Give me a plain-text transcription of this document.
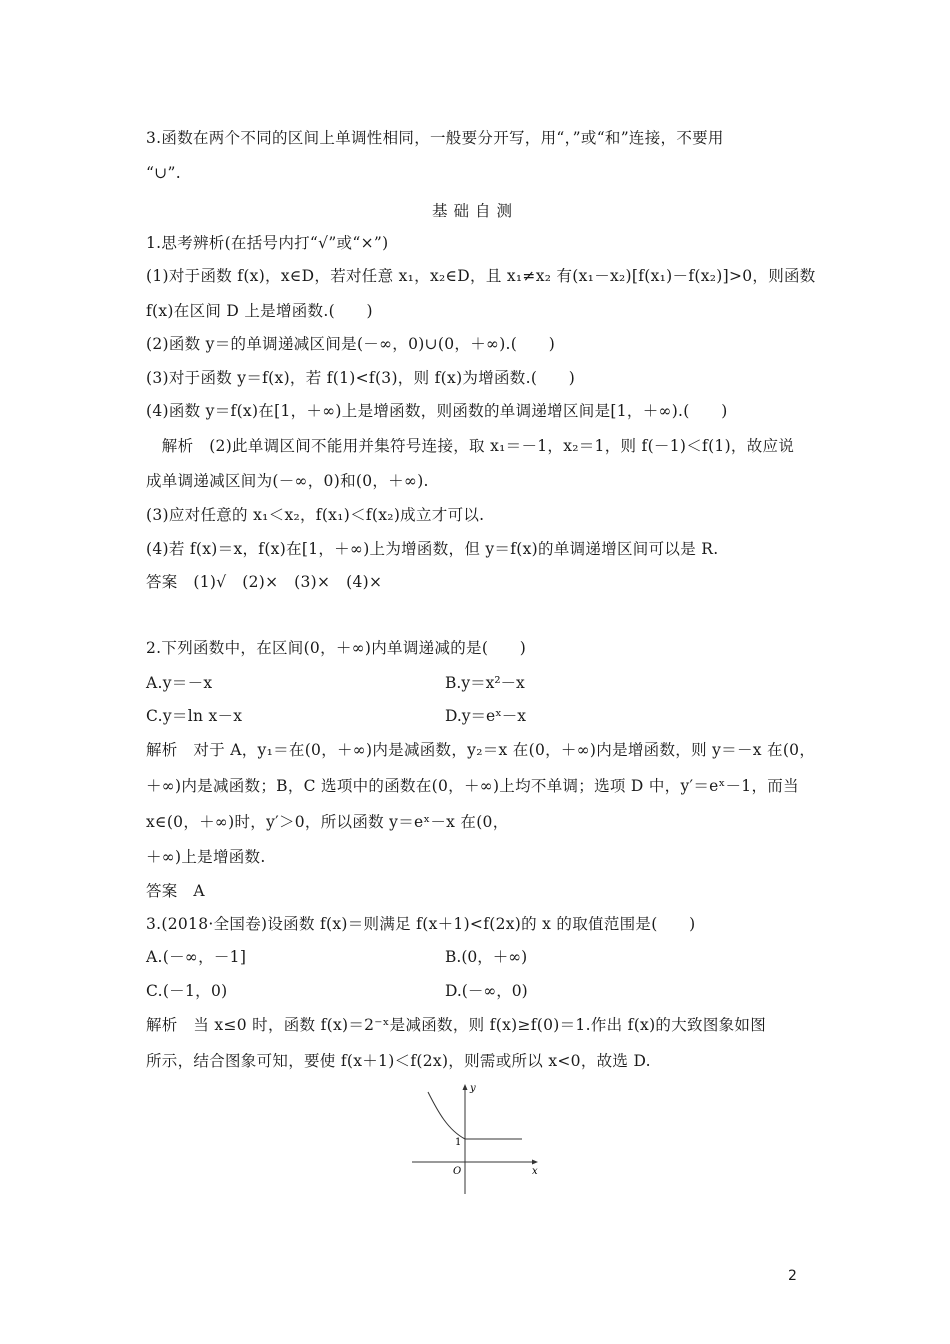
3.函数在两个不同的区间上单调性相同，一般要分开写，用“，”或“和”连接，不要用
“∪”.
基础自测
1.思考辨析(在括号内打“√”或“×”)
(1)对于函数 f(x)，x∈D，若对任意 x₁，x₂∈D，且 x₁≠x₂ 有(x₁－x₂)[f(x₁)－f(x₂)]>0，则函数
f(x)在区间 D 上是增函数.(　　)
(2)函数 y＝的单调递减区间是(－∞，0)∪(0，＋∞).(　　)
(3)对于函数 y＝f(x)，若 f(1)<f(3)，则 f(x)为增函数.(　　)
(4)函数 y＝f(x)在[1，＋∞)上是增函数，则函数的单调递增区间是[1，＋∞).(　　)
　解析　(2)此单调区间不能用并集符号连接，取 x₁＝－1，x₂＝1，则 f(－1)＜f(1)，故应说
成单调递减区间为(－∞，0)和(0，＋∞).
(3)应对任意的 x₁＜x₂，f(x₁)＜f(x₂)成立才可以.
(4)若 f(x)＝x，f(x)在[1，＋∞)上为增函数，但 y＝f(x)的单调递增区间可以是 R.
答案　(1)√　(2)×　(3)×　(4)×
2.下列函数中，在区间(0，＋∞)内单调递减的是(　　)
A.y＝－x	B.y＝x²－x
C.y＝ln x－x	D.y＝eˣ－x
解析　对于 A，y₁＝在(0，＋∞)内是减函数，y₂＝x 在(0，＋∞)内是增函数，则 y＝－x 在(0，
＋∞)内是减函数；B，C 选项中的函数在(0，＋∞)上均不单调；选项 D 中，y′＝eˣ－1，而当
x∈(0，＋∞)时，y′＞0，所以函数 y＝eˣ－x 在(0，
＋∞)上是增函数.
答案　A
3.(2018·全国卷)设函数 f(x)＝则满足 f(x＋1)<f(2x)的 x 的取值范围是(　　)
A.(－∞，－1]	B.(0，＋∞)
C.(－1，0)	D.(－∞，0)
解析　当 x≤0 时，函数 f(x)＝2⁻ˣ是减函数，则 f(x)≥f(0)＝1.作出 f(x)的大致图象如图
所示，结合图象可知，要使 f(x＋1)＜f(2x)，则需或所以 x<0，故选 D.
x
y
O
1
2
